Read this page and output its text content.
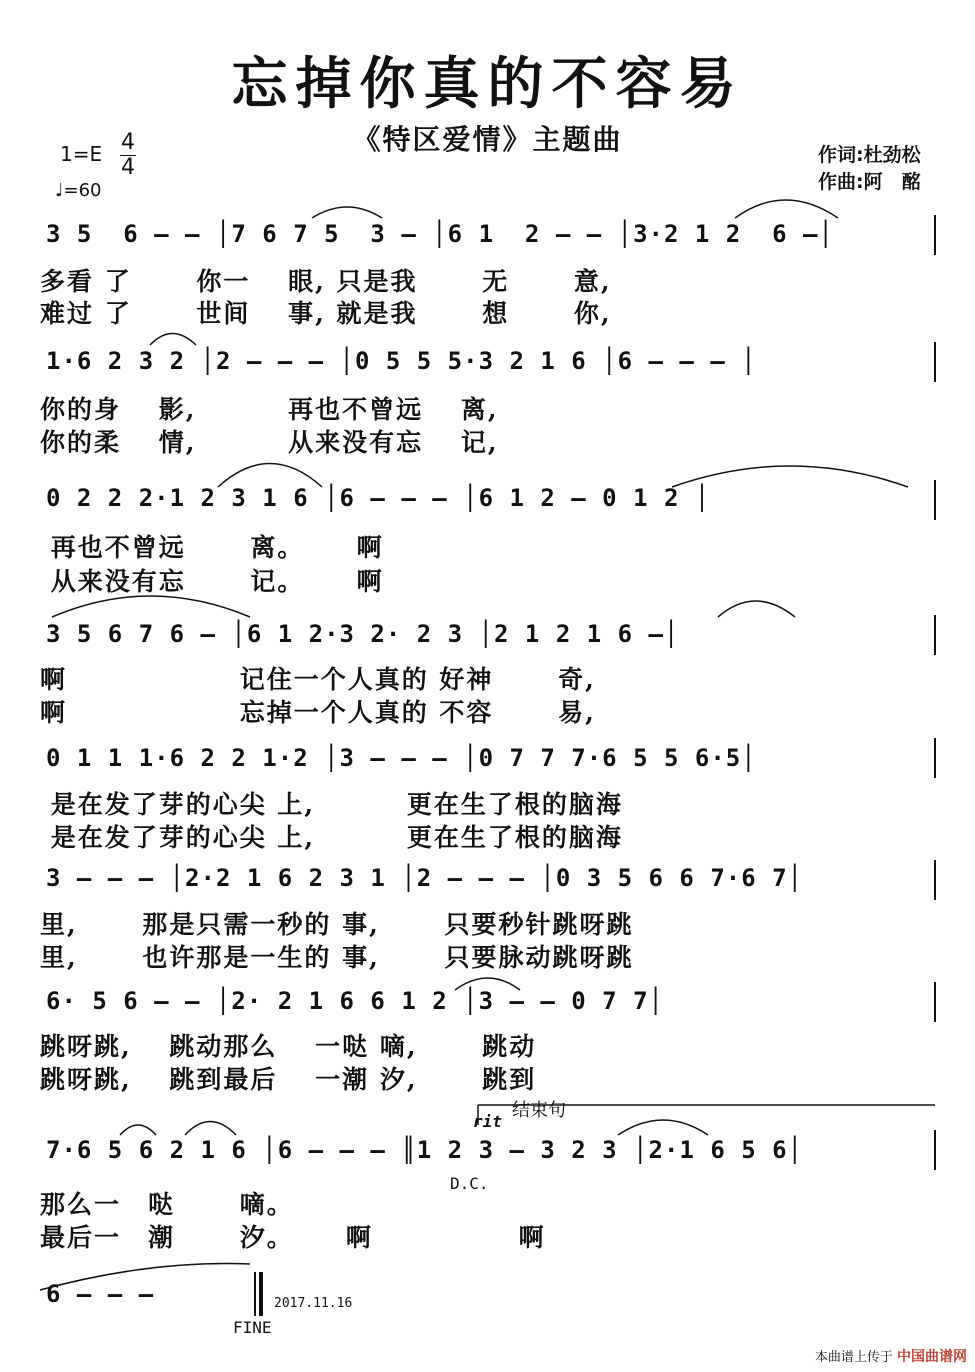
忘掉你真的不容易
《特区爱情》主题曲
1=E 4
4
♩=60
作词:杜劲松
作曲:阿　酩
3 5  6 – – │7 6 7 5  3 – │6 1  2 – – │3·2 1 2  6 –│
多看 了　　 你一　 眼, 只是我　　 无　　 意,
难过 了　　 世间　 事, 就是我　　 想　　 你,
1·6 2 3 2 │2 – – – │0 5 5 5·3 2 1 6 │6 – – – │
你的身　 影,　　　 再也不曾远　 离,
你的柔　 情,　　　 从来没有忘　 记,
0 2 2 2·1 2 3 1 6 │6 – – – │6 1 2 – 0 1 2 │
再也不曾远　　 离。　　 啊
从来没有忘　　 记。　　 啊
3 5 6 7 6 – │6 1 2·3 2· 2 3 │2 1 2 1 6 –│
啊　　　　　　 记住一个人真的 好神　　 奇,
啊　　　　　　 忘掉一个人真的 不容　　 易,
0 1 1 1·6 2 2 1·2 │3 – – – │0 7 7 7·6 5 5 6·5│
是在发了芽的心尖 上,　　　 更在生了根的脑海
是在发了芽的心尖 上,　　　 更在生了根的脑海
3 – – – │2·2 1 6 2 3 1 │2 – – – │0 3 5 6 6 7·6 7│
里,　　 那是只需一秒的 事,　　 只要秒针跳呀跳
里,　　 也许那是一生的 事,　　 只要脉动跳呀跳
6· 5 6 – – │2· 2 1 6 6 1 2 │3 – – 0 7 7│
跳呀跳,　 跳动那么　 一哒 嘀,　　 跳动
跳呀跳,　 跳到最后　 一潮 汐,　　 跳到
7·6 5 6 2 1 6 │6 – – – ║1 2 3 – 3 2 3 │2·1 6 5 6│
那么一　哒　　 嘀。
最后一　潮　　 汐。　　 啊　　　　　 啊
6 – – –
rit
结束句
D.C.
FINE
2017.11.16
本曲谱上传于 中国曲谱网
